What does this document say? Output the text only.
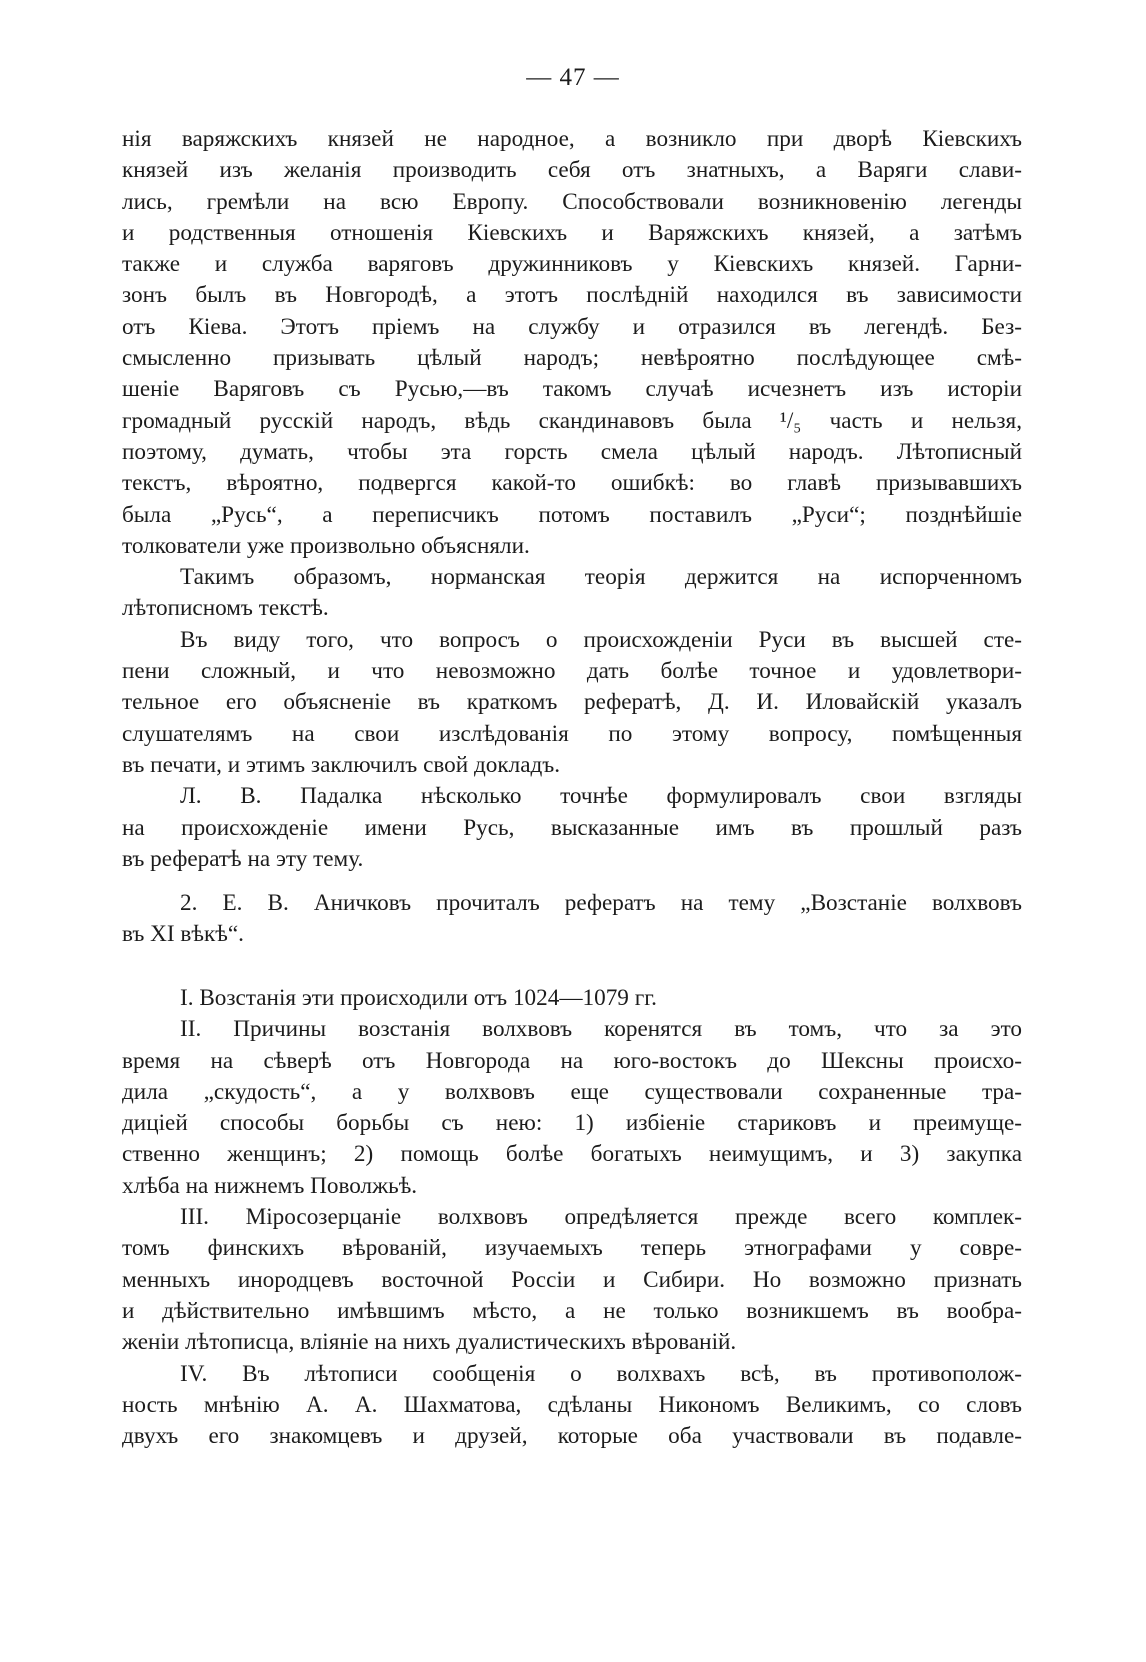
— 47 —
нія варяжскихъ князей не народное, а возникло при дворѣ Кіевскихъ
князей изъ желанія производить себя отъ знатныхъ, а Варяги слави-
лись, гремѣли на всю Европу. Способствовали возникновенію легенды
и родственныя отношенія Кіевскихъ и Варяжскихъ князей, а затѣмъ
также и служба варяговъ дружинниковъ у Кіевскихъ князей. Гарни-
зонъ былъ въ Новгородѣ, а этотъ послѣдній находился въ зависимости
отъ Кіева. Этотъ пріемъ на службу и отразился въ легендѣ. Без-
смысленно призывать цѣлый народъ; невѣроятно послѣдующее смѣ-
шеніе Варяговъ съ Русью,—въ такомъ случаѣ исчезнетъ изъ исторіи
громадный русскій народъ, вѣдь скандинавовъ была ¹/₅ часть и нельзя,
поэтому, думать, чтобы эта горсть смела цѣлый народъ. Лѣтописный
текстъ, вѣроятно, подвергся какой-то ошибкѣ: во главѣ призывавшихъ
была „Русь“, а переписчикъ потомъ поставилъ „Руси“; позднѣйшіе
толкователи уже произвольно объясняли.
Такимъ образомъ, норманская теорія держится на испорченномъ
лѣтописномъ текстѣ.
Въ виду того, что вопросъ о происхожденіи Руси въ высшей сте-
пени сложный, и что невозможно дать болѣе точное и удовлетвори-
тельное его объясненіе въ краткомъ рефератѣ, Д. И. Иловайскій указалъ
слушателямъ на свои изслѣдованія по этому вопросу, помѣщенныя
въ печати, и этимъ заключилъ свой докладъ.
Л. В. Падалка нѣсколько точнѣе формулировалъ свои взгляды
на происхожденіе имени Русь, высказанные имъ въ прошлый разъ
въ рефератѣ на эту тему.
2. Е. В. Аничковъ прочиталъ рефератъ на тему „Возстаніе волхвовъ
въ XI вѣкѣ“.
I. Возстанія эти происходили отъ 1024—1079 гг.
II. Причины возстанія волхвовъ коренятся въ томъ, что за это
время на сѣверѣ отъ Новгорода на юго-востокъ до Шексны происхо-
дила „скудость“, а у волхвовъ еще существовали сохраненные тра-
диціей способы борьбы съ нею: 1) избіеніе стариковъ и преимуще-
ственно женщинъ; 2) помощь болѣе богатыхъ неимущимъ, и 3) закупка
хлѣба на нижнемъ Поволжьѣ.
III. Міросозерцаніе волхвовъ опредѣляется прежде всего комплек-
томъ финскихъ вѣрованій, изучаемыхъ теперь этнографами у совре-
менныхъ инородцевъ восточной Россіи и Сибири. Но возможно признать
и дѣйствительно имѣвшимъ мѣсто, а не только возникшемъ въ вообра-
женіи лѣтописца, вліяніе на нихъ дуалистическихъ вѣрованій.
IV. Въ лѣтописи сообщенія о волхвахъ всѣ, въ противополож-
ность мнѣнію А. А. Шахматова, сдѣланы Никономъ Великимъ, со словъ
двухъ его знакомцевъ и друзей, которые оба участвовали въ подавле-
